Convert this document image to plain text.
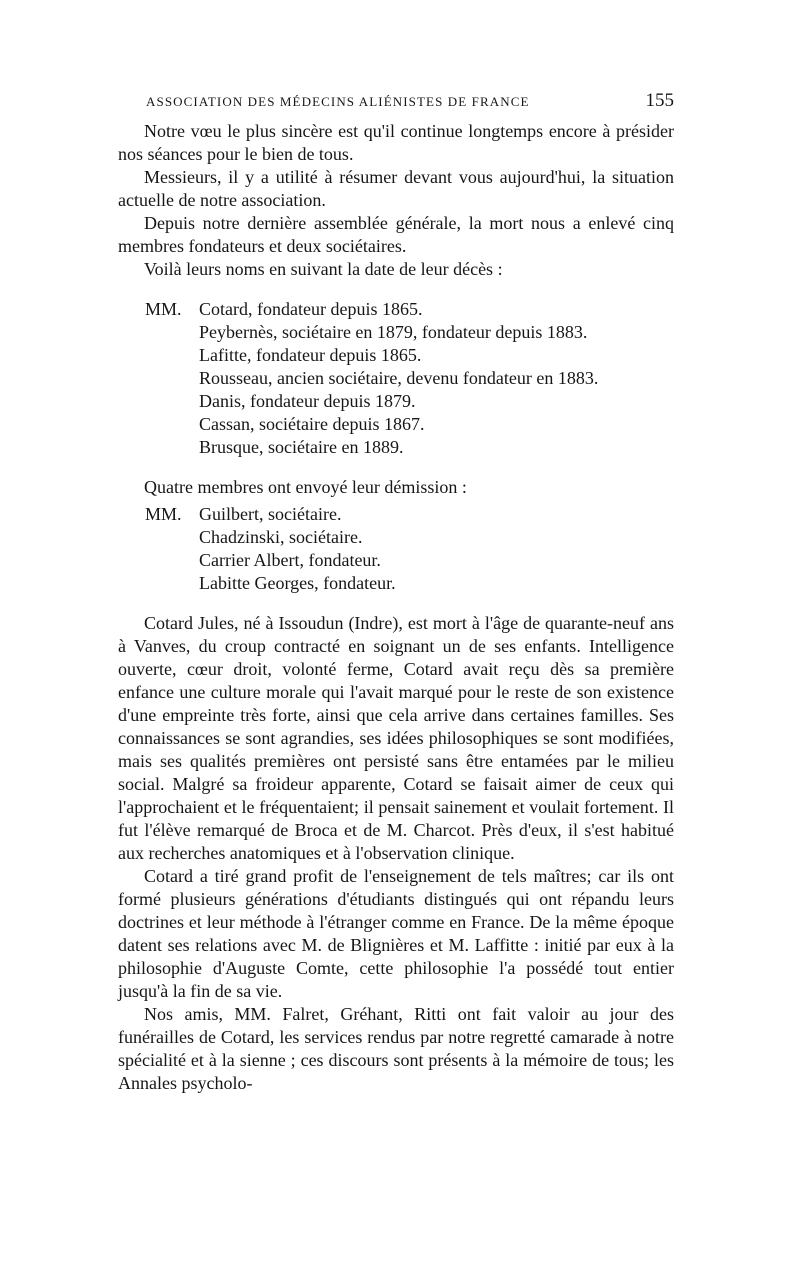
ASSOCIATION DES MÉDECINS ALIÉNISTES DE FRANCE	155

Notre vœu le plus sincère est qu'il continue longtemps encore à présider nos séances pour le bien de tous.

Messieurs, il y a utilité à résumer devant vous aujourd'hui, la situation actuelle de notre association.

Depuis notre dernière assemblée générale, la mort nous a enlevé cinq membres fondateurs et deux sociétaires.

Voilà leurs noms en suivant la date de leur décès :

MM. Cotard, fondateur depuis 1865.
Peybernès, sociétaire en 1879, fondateur depuis 1883.
Lafitte, fondateur depuis 1865.
Rousseau, ancien sociétaire, devenu fondateur en 1883.
Danis, fondateur depuis 1879.
Cassan, sociétaire depuis 1867.
Brusque, sociétaire en 1889.

Quatre membres ont envoyé leur démission :

MM. Guilbert, sociétaire.
Chadzinski, sociétaire.
Carrier Albert, fondateur.
Labitte Georges, fondateur.

Cotard Jules, né à Issoudun (Indre), est mort à l'âge de quarante-neuf ans à Vanves, du croup contracté en soignant un de ses enfants. Intelligence ouverte, cœur droit, volonté ferme, Cotard avait reçu dès sa première enfance une culture morale qui l'avait marqué pour le reste de son existence d'une empreinte très forte, ainsi que cela arrive dans certaines familles. Ses connaissances se sont agrandies, ses idées philosophiques se sont modifiées, mais ses qualités premières ont persisté sans être entamées par le milieu social. Malgré sa froideur apparente, Cotard se faisait aimer de ceux qui l'approchaient et le fréquentaient; il pensait sainement et voulait fortement. Il fut l'élève remarqué de Broca et de M. Charcot. Près d'eux, il s'est habitué aux recherches anatomiques et à l'observation clinique.

Cotard a tiré grand profit de l'enseignement de tels maîtres; car ils ont formé plusieurs générations d'étudiants distingués qui ont répandu leurs doctrines et leur méthode à l'étranger comme en France. De la même époque datent ses relations avec M. de Blignières et M. Laffitte : initié par eux à la philosophie d'Auguste Comte, cette philosophie l'a possédé tout entier jusqu'à la fin de sa vie.

Nos amis, MM. Falret, Gréhant, Ritti ont fait valoir au jour des funérailles de Cotard, les services rendus par notre regretté camarade à notre spécialité et à la sienne ; ces discours sont présents à la mémoire de tous; les Annales psycholo-
